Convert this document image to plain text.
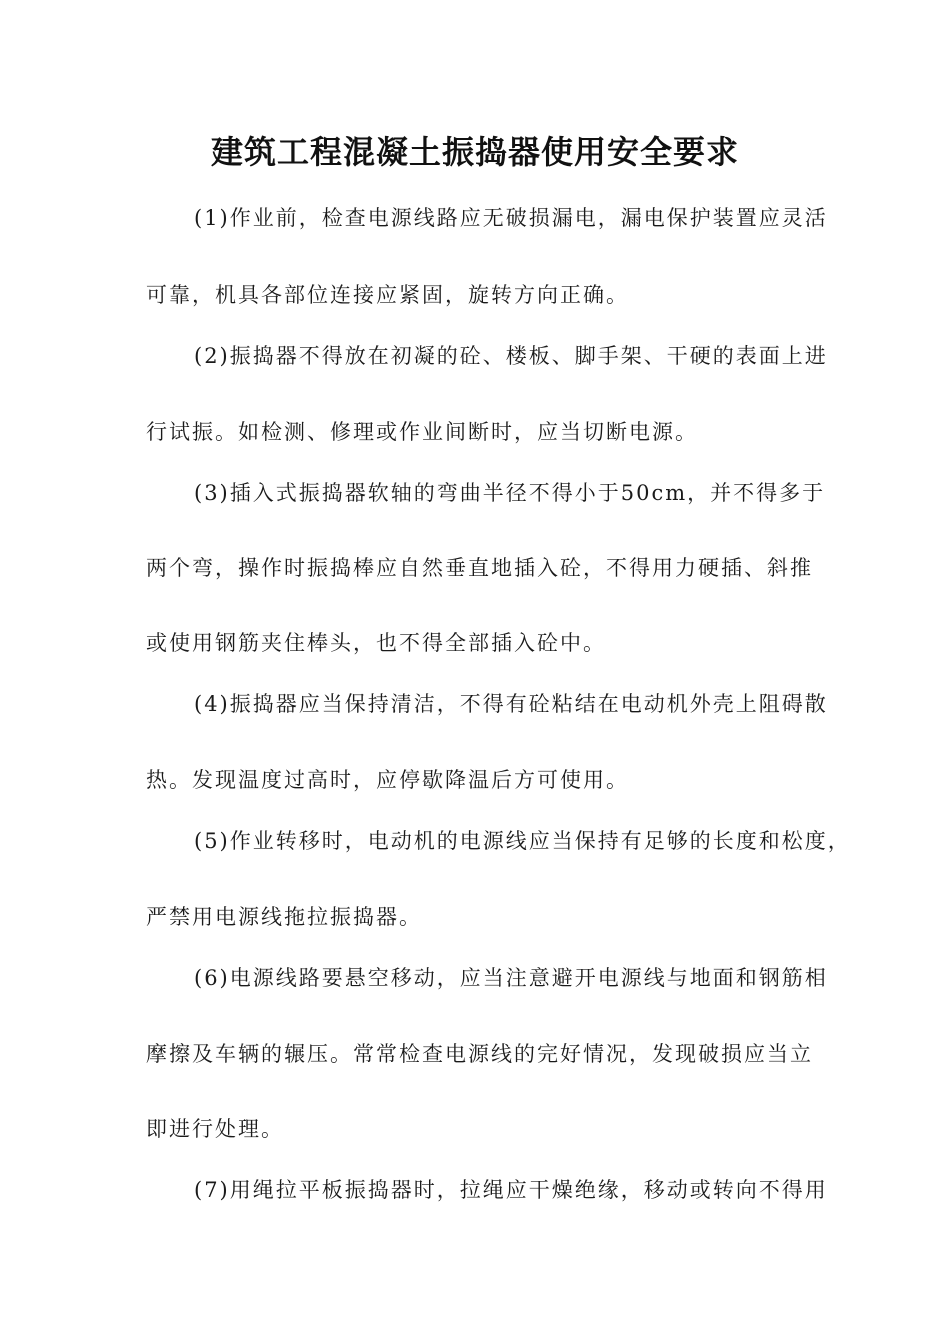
建筑工程混凝土振捣器使用安全要求
(1)作业前，检查电源线路应无破损漏电，漏电保护装置应灵活
可靠，机具各部位连接应紧固，旋转方向正确。
(2)振捣器不得放在初凝的砼、楼板、脚手架、干硬的表面上进
行试振。如检测、修理或作业间断时，应当切断电源。
(3)插入式振捣器软轴的弯曲半径不得小于50cm，并不得多于
两个弯，操作时振捣棒应自然垂直地插入砼，不得用力硬插、斜推
或使用钢筋夹住棒头，也不得全部插入砼中。
(4)振捣器应当保持清洁，不得有砼粘结在电动机外壳上阻碍散
热。发现温度过高时，应停歇降温后方可使用。
(5)作业转移时，电动机的电源线应当保持有足够的长度和松度，
严禁用电源线拖拉振捣器。
(6)电源线路要悬空移动，应当注意避开电源线与地面和钢筋相
摩擦及车辆的辗压。常常检查电源线的完好情况，发现破损应当立
即进行处理。
(7)用绳拉平板振捣器时，拉绳应干燥绝缘，移动或转向不得用
